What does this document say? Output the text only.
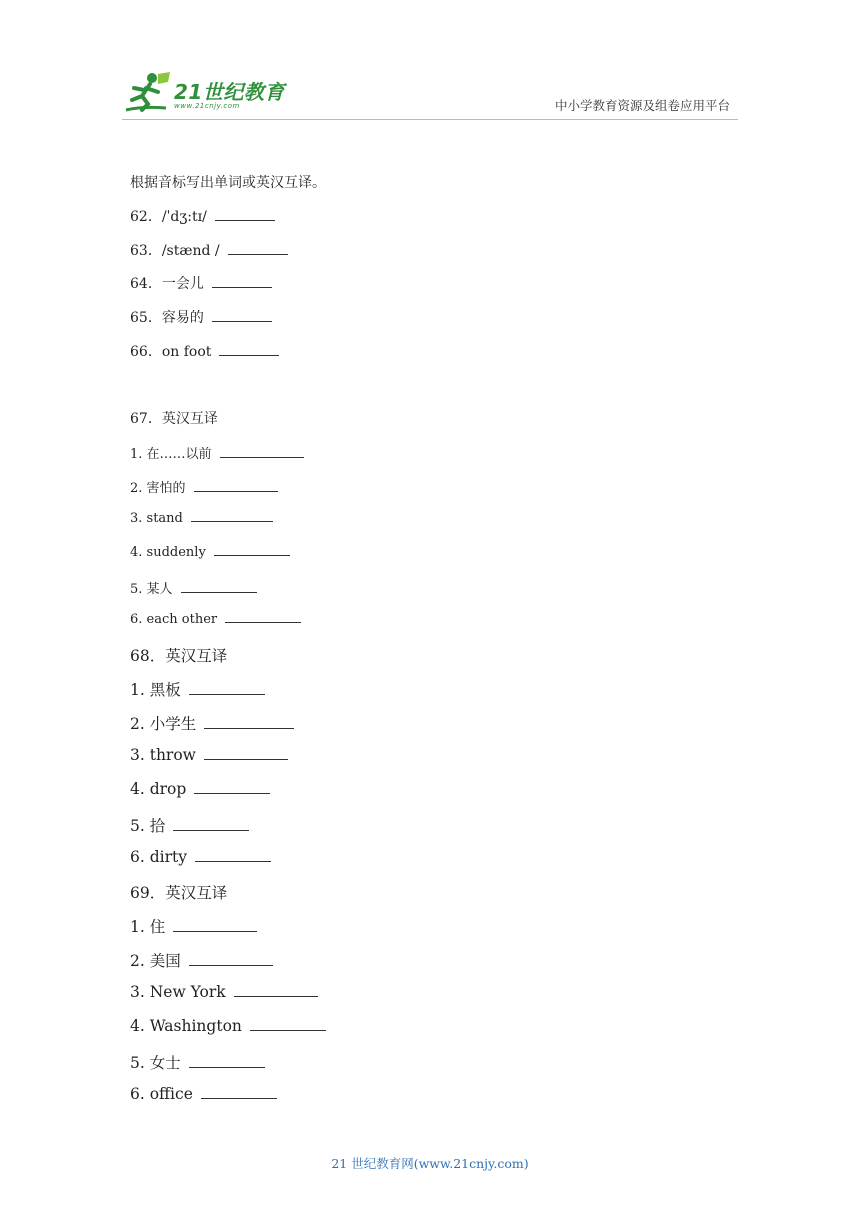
21世纪教育
www.21cnjy.com	中小学教育资源及组卷应用平台
根据音标写出单词或英汉互译。
62．/ˈdʒ:tɪ/
63．/stænd /
64．一会儿
65．容易的
66．on foot
67．英汉互译
1. 在……以前
2. 害怕的
3. stand
4. suddenly
5. 某人
6. each other
68．英汉互译
1. 黑板
2. 小学生
3. throw
4. drop
5. 拾
6. dirty
69．英汉互译
1. 住
2. 美国
3. New York
4. Washington
5. 女士
6. office
21 世纪教育网(www.21cnjy.com)
